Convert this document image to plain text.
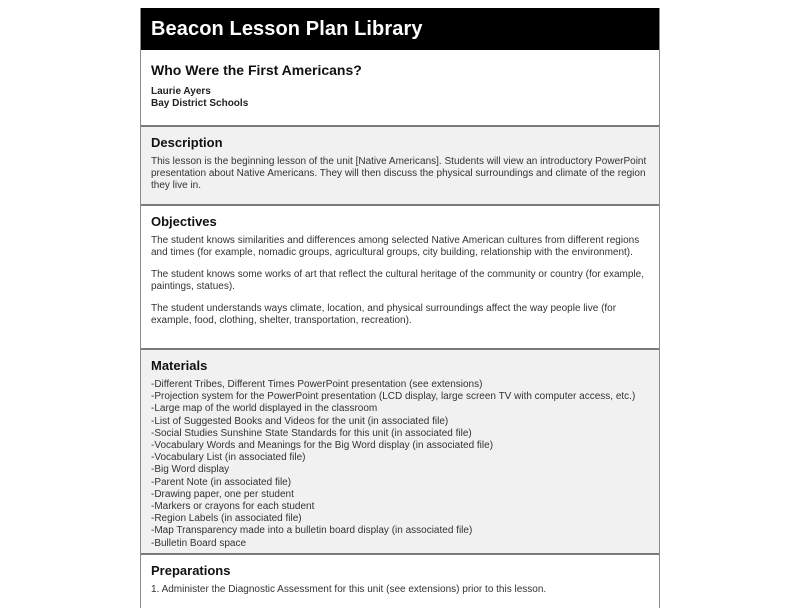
Beacon Lesson Plan Library
Who Were the First Americans?
Laurie Ayers
Bay District Schools
Description

This lesson is the beginning lesson of the unit [Native Americans]. Students will view an introductory PowerPoint presentation about Native Americans. They will then discuss the physical surroundings and climate of the region they live in.

Objectives

The student knows similarities and differences among selected Native American cultures from different regions and times (for example, nomadic groups, agricultural groups, city building, relationship with the environment).

The student knows some works of art that reflect the cultural heritage of the community or country (for example, paintings, statues).

The student understands ways climate, location, and physical surroundings affect the way people live (for example, food, clothing, shelter, transportation, recreation).

Materials
-Different Tribes, Different Times PowerPoint presentation (see extensions)
-Projection system for the PowerPoint presentation (LCD display, large screen TV with computer access, etc.)
-Large map of the world displayed in the classroom
-List of Suggested Books and Videos for the unit (in associated file)
-Social Studies Sunshine State Standards for this unit (in associated file)
-Vocabulary Words and Meanings for the Big Word display (in associated file)
-Vocabulary List (in associated file)
-Big Word display
-Parent Note (in associated file)
-Drawing paper, one per student
-Markers or crayons for each student
-Region Labels (in associated file)
-Map Transparency made into a bulletin board display (in associated file)
-Bulletin Board space
Preparations
1. Administer the Diagnostic Assessment for this unit (see extensions) prior to this lesson.
